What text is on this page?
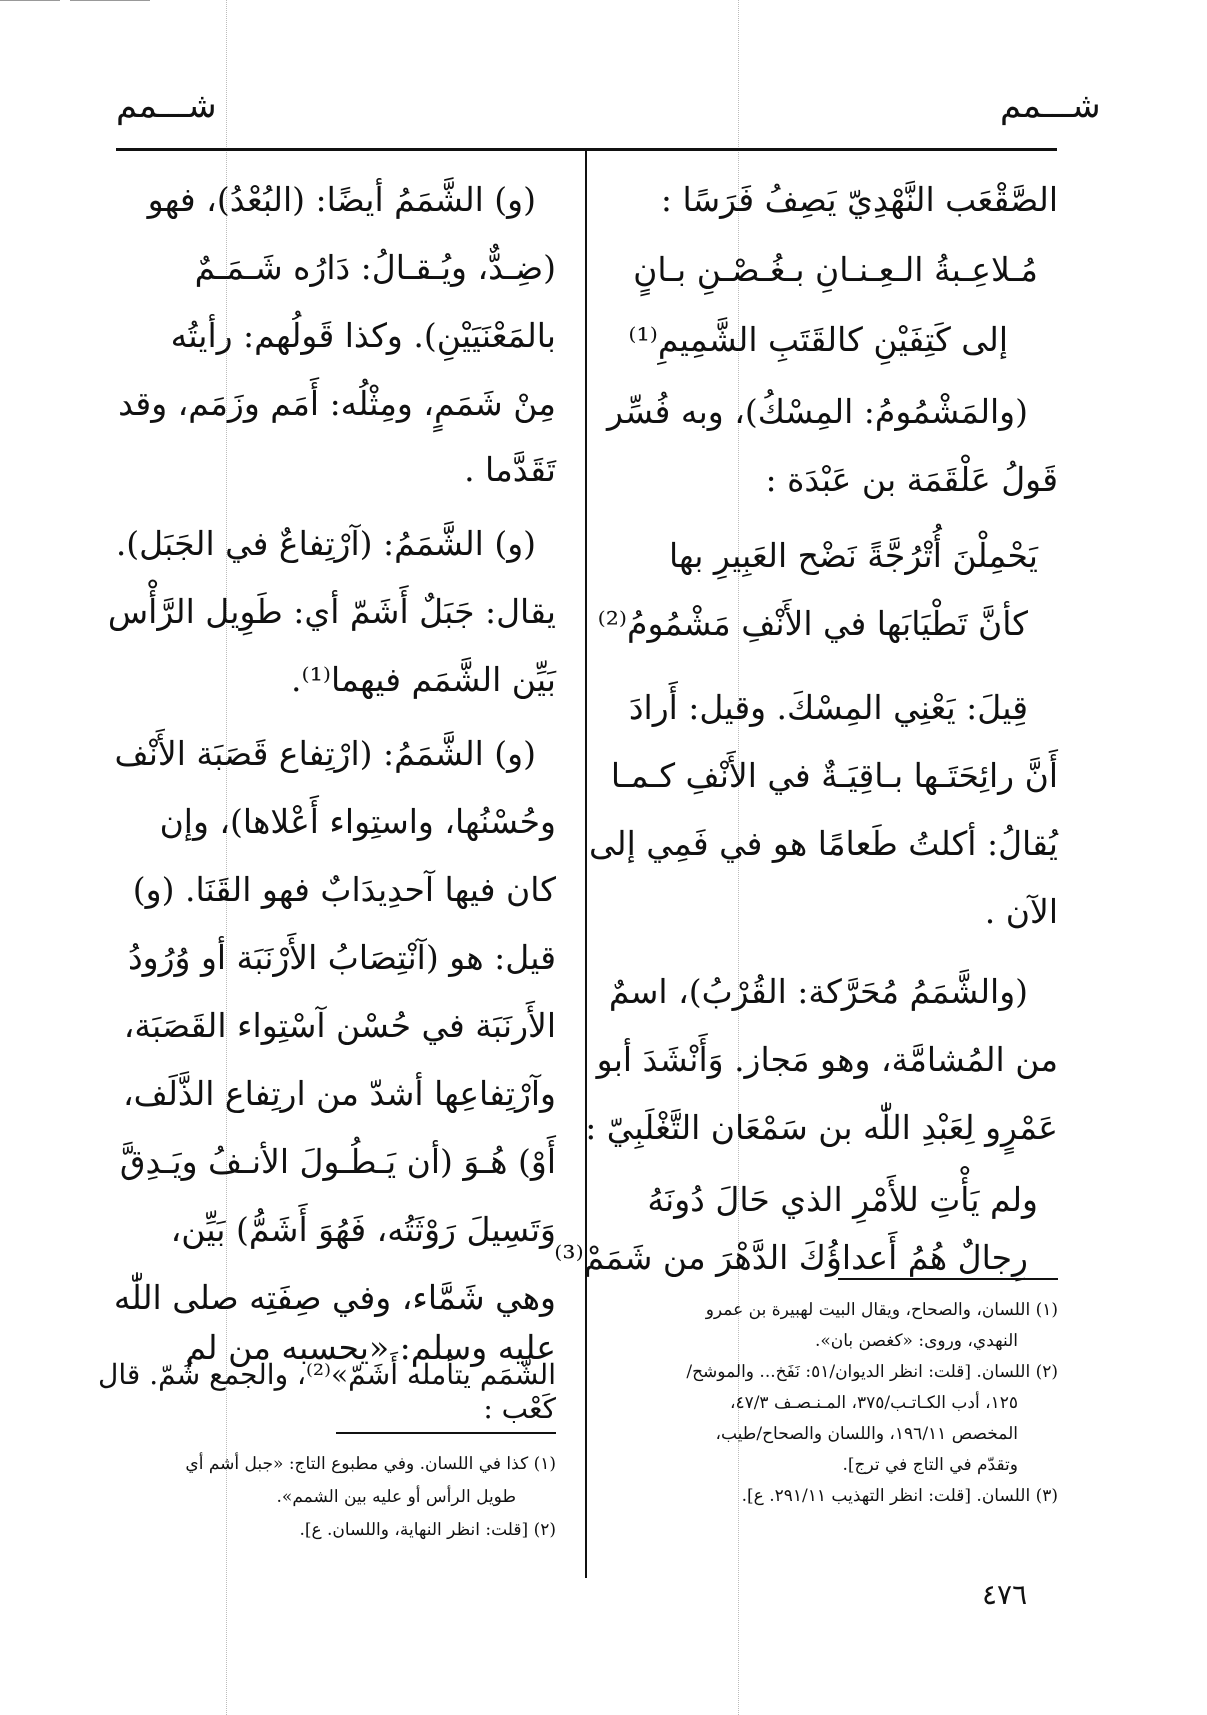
شـــمم
شـــمم
الصَّقْعَب النَّهْدِيّ يَصِفُ فَرَسًا :
مُـلاعِـبةُ الـعِـنـانِ بـغُـصْـنِ بـانٍ
إلى كَتِفَيْنِ كالقَتَبِ الشَّمِيمِ⁽¹⁾
(والمَشْمُومُ: المِسْكُ)، وبه فُسِّر
قَولُ عَلْقَمَة بن عَبْدَة :
يَحْمِلْنَ أُتْرُجَّةً نَضْح العَبِيرِ بها
كأنَّ تَطْيَابَها في الأَنْفِ مَشْمُومُ⁽²⁾
قِيلَ: يَعْنِي المِسْكَ. وقيل: أَرادَ
أَنَّ رائِحَتَـها بـاقِيَـةٌ في الأَنْفِ كـمـا
يُقالُ: أكلتُ طَعامًا هو في فَمِي إلى
الآن .
(والشَّمَمُ مُحَرَّكة: القُرْبُ)، اسمٌ
من المُشامَّة، وهو مَجاز. وَأَنْشَدَ أبو
عَمْرٍو لِعَبْدِ اللّٰه بن سَمْعَان التَّغْلَبِيّ :
ولم يَأْتِ للأَمْرِ الذي حَالَ دُونَهُ
رِجالٌ هُمُ أَعداؤُكَ الدَّهْرَ من شَمَمْ⁽³⁾
(١) اللسان، والصحاح، ويقال البيت لهبيرة بن عمرو
النهدي، وروى: «كغصن بان».
(٢) اللسان. [قلت: انظر الديوان/٥١: نَفَخ... والموشح/
١٢٥، أدب الكـاتـب/٣٧٥، المـنـصـف ٤٧/٣،
المخصص ١٩٦/١١، واللسان والصحاح/طيب،
وتقدّم في التاج في ترج].
(٣) اللسان. [قلت: انظر التهذيب ٢٩١/١١. ع].
(و) الشَّمَمُ أيضًا: (البُعْدُ)، فهو
(ضِـدٌّ، ويُـقـالُ: دَارُه شَـمَـمٌ
بالمَعْنَيَيْنِ). وكذا قَولُهم: رأيتُه
مِنْ شَمَمٍ، ومِثْلُه: أَمَم وزَمَم، وقد
تَقَدَّما .
(و) الشَّمَمُ: (آرْتِفاعٌ في الجَبَل).
يقال: جَبَلٌ أَشَمّ أي: طَوِيل الرَّأْس
بَيِّن الشَّمَم فيهما⁽¹⁾.
(و) الشَّمَمُ: (ارْتِفاع قَصَبَة الأَنْف
وحُسْنُها، واستِواء أَعْلاها)، وإن
كان فيها آحدِيدَابٌ فهو القَنَا. (و)
قيل: هو (آنْتِصَابُ الأَرْنَبَة أو وُرُودُ
الأَرنَبَة في حُسْن آسْتِواء القَصَبَة،
وآرْتِفاعِها أشدّ من ارتِفاع الذَّلَف،
أَوْ) هُـوَ (أن يَـطُـولَ الأنـفُ ويَـدِقَّ
وَتَسِيلَ رَوْثَتُه، فَهُوَ أَشَمُّ) بَيِّن،
وهي شَمَّاء، وفي صِفَتِه صلى اللّٰه
عليه وسلم: «يحسبه من لم
الشَّمَم يتأمله أَشَمّ»⁽²⁾، والجمع شُمّ. قال
كَعْب :
(١) كذا في اللسان. وفي مطبوع التاج: «جبل أشم أي
طويل الرأس أو عليه بين الشمم».
(٢) [قلت: انظر النهاية، واللسان. ع].
٤٧٦
